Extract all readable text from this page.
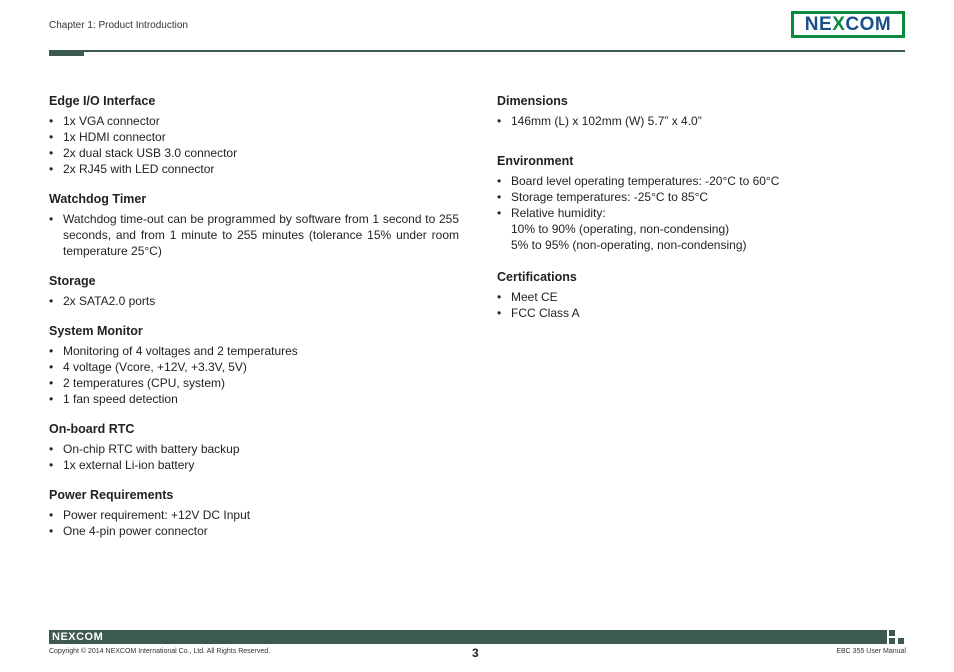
Chapter 1: Product Introduction	NE X COM
Edge I/O Interface
• 1x VGA connector
• 1x HDMI connector
• 2x dual stack USB 3.0 connector
• 2x RJ45 with LED connector
Watchdog Timer
• Watchdog time-out can be programmed by software from 1 second to 255 seconds, and from 1 minute to 255 minutes (tolerance 15% under room temperature 25°C)
Storage
• 2x SATA2.0 ports
System Monitor
• Monitoring of 4 voltages and 2 temperatures
• 4 voltage (Vcore, +12V, +3.3V, 5V)
• 2 temperatures (CPU, system)
• 1 fan speed detection
On-board RTC
• On-chip RTC with battery backup
• 1x external Li-ion battery
Power Requirements
• Power requirement: +12V DC Input
• One 4-pin power connector
Dimensions
• 146mm (L) x 102mm (W) 5.7” x 4.0”
Environment
• Board level operating temperatures: -20°C to 60°C
• Storage temperatures: -25°C to 85°C
• Relative humidity:
10% to 90% (operating, non-condensing)
5% to 95% (non-operating, non-condensing)
Certifications
• Meet CE
• FCC Class A
NEXCOM
Copyright © 2014 NEXCOM International Co., Ltd. All Rights Reserved.	3	EBC 355 User Manual
